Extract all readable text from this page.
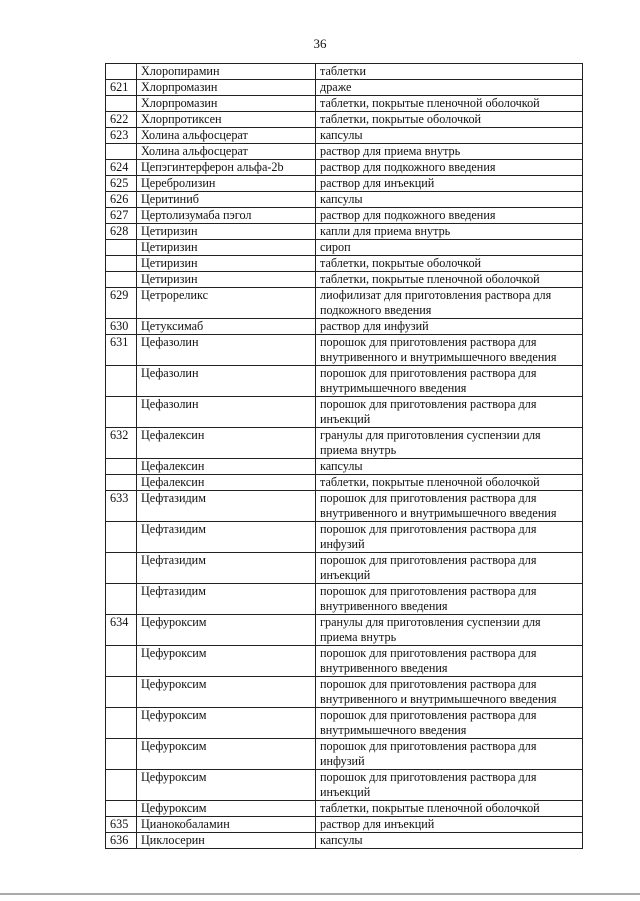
36
	Хлоропирамин	таблетки
621	Хлорпромазин	драже
	Хлорпромазин	таблетки, покрытые пленочной оболочкой
622	Хлорпротиксен	таблетки, покрытые оболочкой
623	Холина альфосцерат	капсулы
	Холина альфосцерат	раствор для приема внутрь
624	Цепэгинтерферон альфа-2b	раствор для подкожного введения
625	Церебролизин	раствор для инъекций
626	Церитиниб	капсулы
627	Цертолизумаба пэгол	раствор для подкожного введения
628	Цетиризин	капли для приема внутрь
	Цетиризин	сироп
	Цетиризин	таблетки, покрытые оболочкой
	Цетиризин	таблетки, покрытые пленочной оболочкой
629	Цетрореликс	лиофилизат для приготовления раствора для подкожного введения
630	Цетуксимаб	раствор для инфузий
631	Цефазолин	порошок для приготовления раствора для внутривенного и внутримышечного введения
	Цефазолин	порошок для приготовления раствора для внутримышечного введения
	Цефазолин	порошок для приготовления раствора для инъекций
632	Цефалексин	гранулы для приготовления суспензии для приема внутрь
	Цефалексин	капсулы
	Цефалексин	таблетки, покрытые пленочной оболочкой
633	Цефтазидим	порошок для приготовления раствора для внутривенного и внутримышечного введения
	Цефтазидим	порошок для приготовления раствора для инфузий
	Цефтазидим	порошок для приготовления раствора для инъекций
	Цефтазидим	порошок для приготовления раствора для внутривенного введения
634	Цефуроксим	гранулы для приготовления суспензии для приема внутрь
	Цефуроксим	порошок для приготовления раствора для внутривенного введения
	Цефуроксим	порошок для приготовления раствора для внутривенного и внутримышечного введения
	Цефуроксим	порошок для приготовления раствора для внутримышечного введения
	Цефуроксим	порошок для приготовления раствора для инфузий
	Цефуроксим	порошок для приготовления раствора для инъекций
	Цефуроксим	таблетки, покрытые пленочной оболочкой
635	Цианокобаламин	раствор для инъекций
636	Циклосерин	капсулы
